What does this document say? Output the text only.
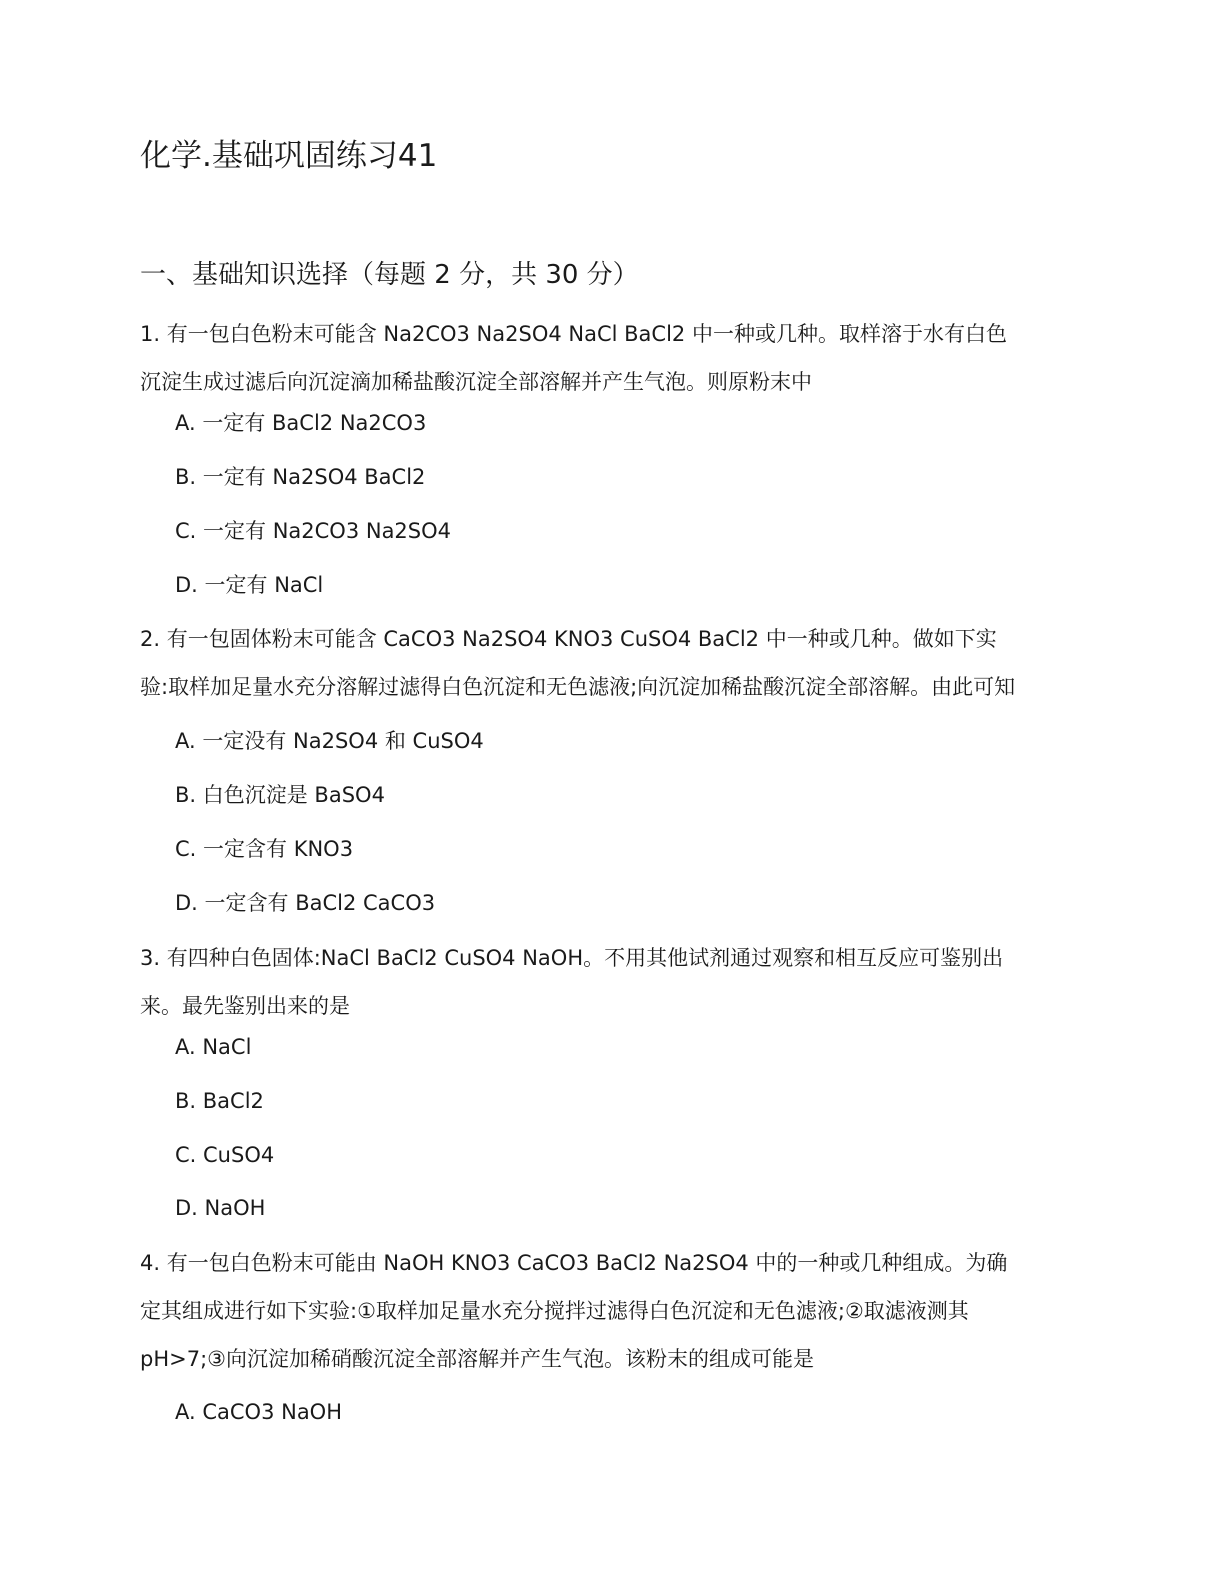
化学.基础巩固练习41
一、基础知识选择（每题 2 分，共 30 分）
1. 有一包白色粉末可能含 Na2CO3 Na2SO4 NaCl BaCl2 中一种或几种。取样溶于水有白色
沉淀生成过滤后向沉淀滴加稀盐酸沉淀全部溶解并产生气泡。则原粉末中
A. 一定有 BaCl2 Na2CO3
B. 一定有 Na2SO4 BaCl2
C. 一定有 Na2CO3 Na2SO4
D. 一定有 NaCl
2. 有一包固体粉末可能含 CaCO3 Na2SO4 KNO3 CuSO4 BaCl2 中一种或几种。做如下实
验:取样加足量水充分溶解过滤得白色沉淀和无色滤液;向沉淀加稀盐酸沉淀全部溶解。由此可知
A. 一定没有 Na2SO4 和 CuSO4
B. 白色沉淀是 BaSO4
C. 一定含有 KNO3
D. 一定含有 BaCl2 CaCO3
3. 有四种白色固体:NaCl BaCl2 CuSO4 NaOH。不用其他试剂通过观察和相互反应可鉴别出
来。最先鉴别出来的是
A. NaCl
B. BaCl2
C. CuSO4
D. NaOH
4. 有一包白色粉末可能由 NaOH KNO3 CaCO3 BaCl2 Na2SO4 中的一种或几种组成。为确
定其组成进行如下实验:①取样加足量水充分搅拌过滤得白色沉淀和无色滤液;②取滤液测其
pH>7;③向沉淀加稀硝酸沉淀全部溶解并产生气泡。该粉末的组成可能是
A. CaCO3 NaOH
